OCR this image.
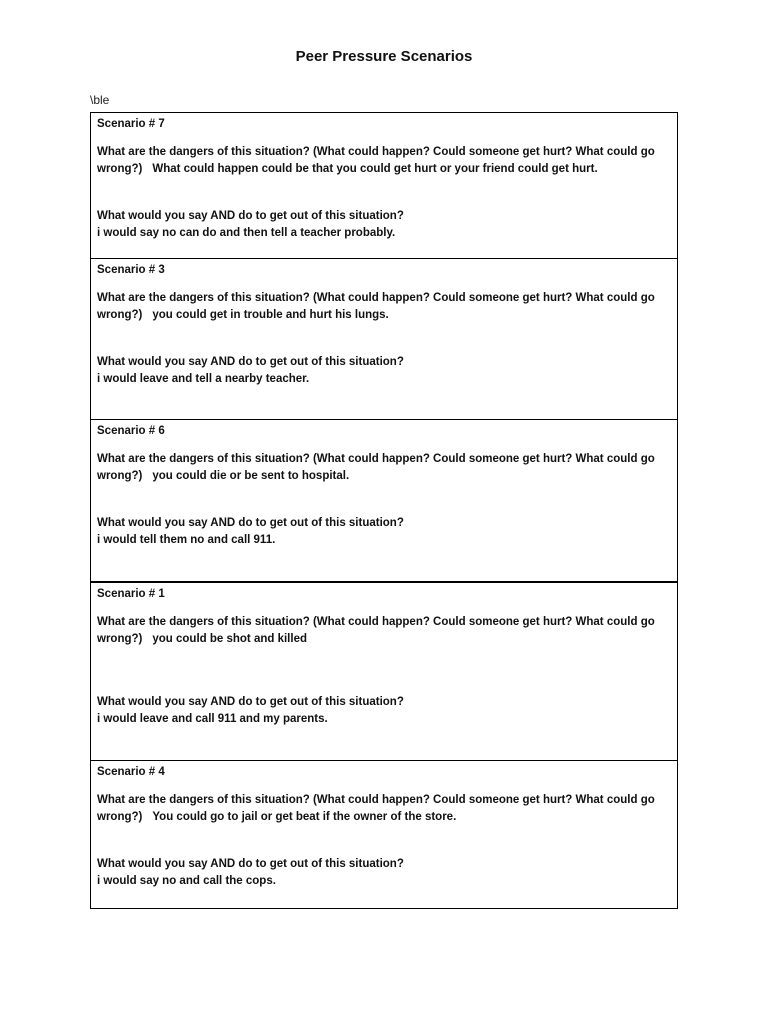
Peer Pressure Scenarios
\ble
Scenario # 7
What are the dangers of this situation? (What could happen? Could someone get hurt? What could go
wrong?) What could happen could be that you could get hurt or your friend could get hurt.
What would you say AND do to get out of this situation?
i would say no can do and then tell a teacher probably.
Scenario # 3
What are the dangers of this situation? (What could happen? Could someone get hurt? What could go
wrong?) you could get in trouble and hurt his lungs.
What would you say AND do to get out of this situation?
i would leave and tell a nearby teacher.
Scenario # 6
What are the dangers of this situation? (What could happen? Could someone get hurt? What could go
wrong?) you could die or be sent to hospital.
What would you say AND do to get out of this situation?
i would tell them no and call 911.
Scenario # 1
What are the dangers of this situation? (What could happen? Could someone get hurt? What could go
wrong?) you could be shot and killed
What would you say AND do to get out of this situation?
i would leave and call 911 and my parents.
Scenario # 4
What are the dangers of this situation? (What could happen? Could someone get hurt? What could go
wrong?) You could go to jail or get beat if the owner of the store.
What would you say AND do to get out of this situation?
i would say no and call the cops.
